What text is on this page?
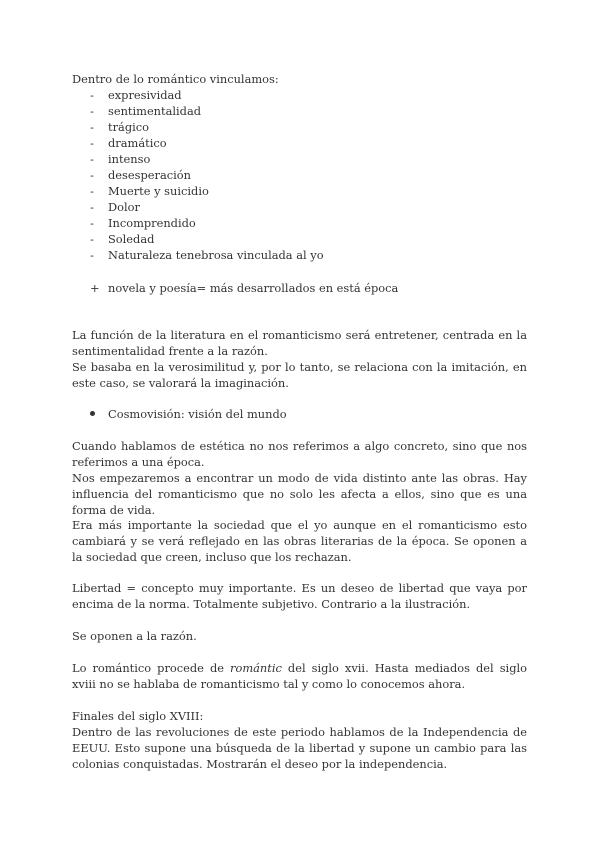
Dentro de lo romántico vinculamos:

- expresividad
- sentimentalidad
- trágico
- dramático
- intenso
- desesperación
- Muerte y suicidio
- Dolor
- Incomprendido
- Soledad
- Naturaleza tenebrosa vinculada al yo
+ novela y poesía= más desarrollados en está época

La función de la literatura en el romanticismo será entretener, centrada en la sentimentalidad frente a la razón.

Se basaba en la verosimilitud y, por lo tanto, se relaciona con la imitación, en este caso, se valorará la imaginación.

Cosmovisión: visión del mundo

Cuando hablamos de estética no nos referimos a algo concreto, sino que nos referimos a una época.

Nos empezaremos a encontrar un modo de vida distinto ante las obras. Hay influencia del romanticismo que no solo les afecta a ellos, sino que es una forma de vida.

Era más importante la sociedad que el yo aunque en el romanticismo esto cambiará y se verá reflejado en las obras literarias de la época. Se oponen a la sociedad que creen, incluso que los rechazan.

Libertad = concepto muy importante. Es un deseo de libertad que vaya por encima de la norma. Totalmente subjetivo. Contrario a la ilustración.

Se oponen a la razón.

Lo romántico procede de romántic del siglo xvii. Hasta mediados del siglo xviii no se hablaba de romanticismo tal y como lo conocemos ahora.

Finales del siglo XVIII:

Dentro de las revoluciones de este periodo hablamos de la Independencia de EEUU. Esto supone una búsqueda de la libertad y supone un cambio para las colonias conquistadas. Mostrarán el deseo por la independencia.
